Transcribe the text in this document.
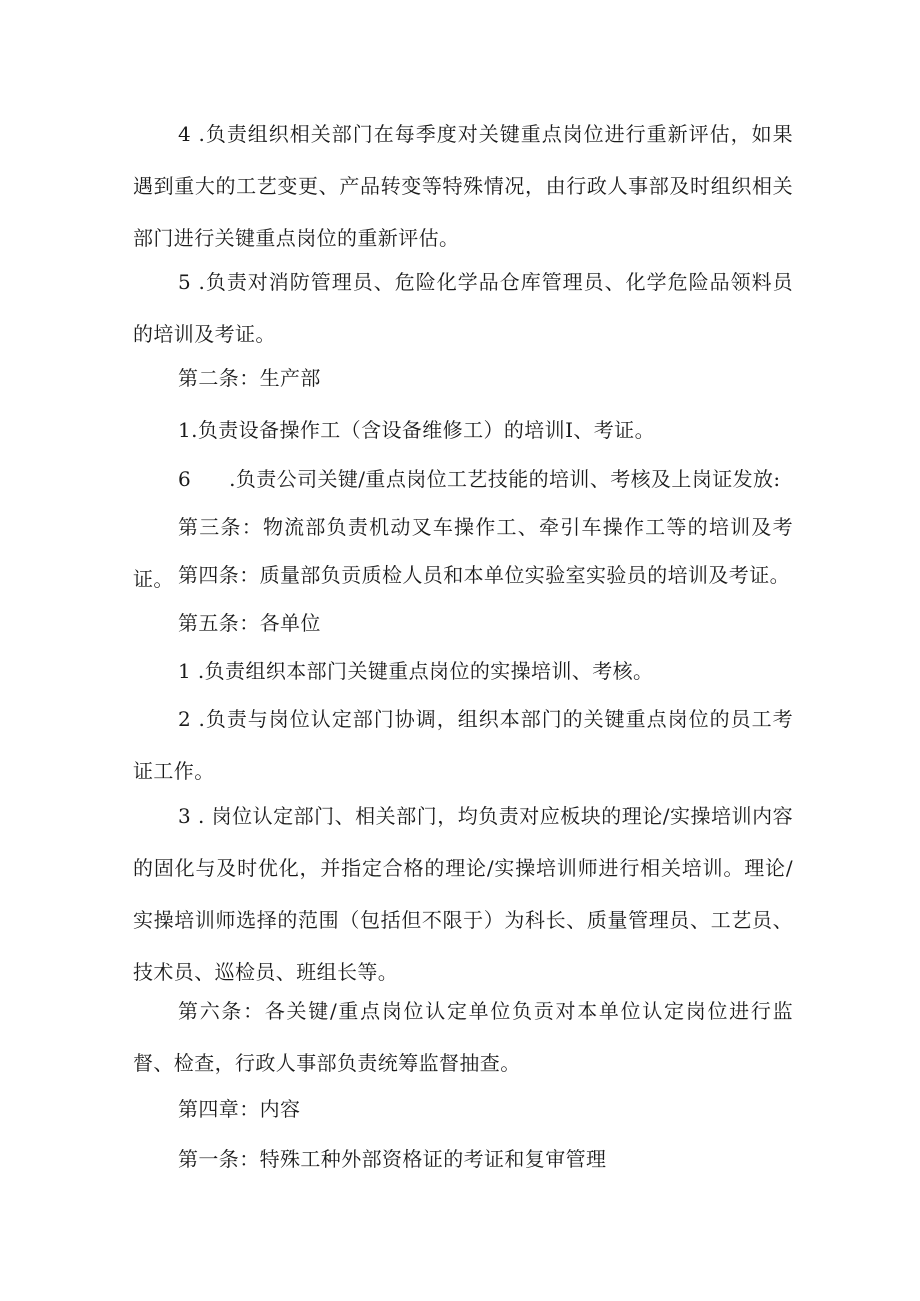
4 .负责组织相关部门在每季度对关键重点岗位进行重新评估，如果遇到重大的工艺变更、产品转变等特殊情况，由行政人事部及时组织相关部门进行关键重点岗位的重新评估。

5 .负责对消防管理员、危险化学品仓库管理员、化学危险品领料员的培训及考证。

第二条：生产部

1.负责设备操作工（含设备维修工）的培训I、考证。

6 .负责公司关键/重点岗位工艺技能的培训、考核及上岗证发放:

第三条：物流部负责机动叉车操作工、牵引车操作工等的培训及考证。 第四条：质量部负贡质检人员和本单位实验室实验员的培训及考证。

第五条：各单位

1 .负责组织本部门关键重点岗位的实操培训、考核。

2 .负责与岗位认定部门协调，组织本部门的关键重点岗位的员工考证工作。

3 . 岗位认定部门、相关部门，均负责对应板块的理论/实操培训内容的固化与及时优化，并指定合格的理论/实操培训师进行相关培训。理论/实操培训师选择的范围（包括但不限于）为科长、质量管理员、工艺员、技术员、巡检员、班组长等。

第六条：各关键/重点岗位认定单位负贡对本单位认定岗位进行监督、检查，行政人事部负责统筹监督抽查。

第四章：内容

第一条：特殊工种外部资格证的考证和复审管理
